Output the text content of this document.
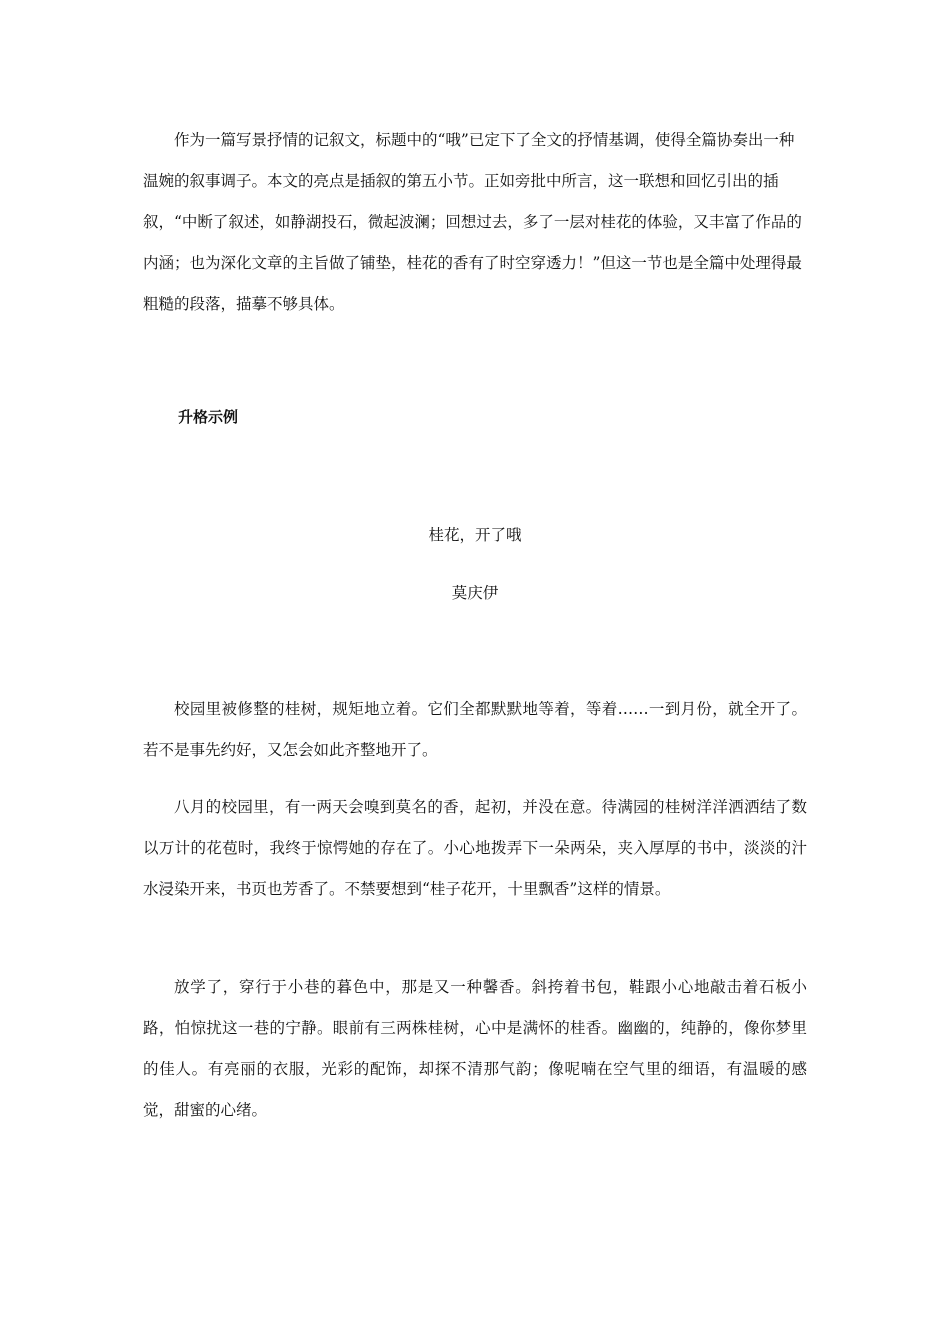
作为一篇写景抒情的记叙文，标题中的“哦”已定下了全文的抒情基调，使得全篇协奏出一种温婉的叙事调子。本文的亮点是插叙的第五小节。正如旁批中所言，这一联想和回忆引出的插叙，“中断了叙述，如静湖投石，微起波澜；回想过去，多了一层对桂花的体验，又丰富了作品的内涵；也为深化文章的主旨做了铺垫，桂花的香有了时空穿透力！”但这一节也是全篇中处理得最粗糙的段落，描摹不够具体。

升格示例

桂花，开了哦

莫庆伊

校园里被修整的桂树，规矩地立着。它们全都默默地等着，等着……一到月份，就全开了。若不是事先约好，又怎会如此齐整地开了。

八月的校园里，有一两天会嗅到莫名的香，起初，并没在意。待满园的桂树洋洋洒洒结了数以万计的花苞时，我终于惊愕她的存在了。小心地拨弄下一朵两朵，夹入厚厚的书中，淡淡的汁水浸染开来，书页也芳香了。不禁要想到“桂子花开，十里飘香”这样的情景。

放学了，穿行于小巷的暮色中，那是又一种馨香。斜挎着书包，鞋跟小心地敲击着石板小路，怕惊扰这一巷的宁静。眼前有三两株桂树，心中是满怀的桂香。幽幽的，纯静的，像你梦里的佳人。有亮丽的衣服，光彩的配饰，却探不清那气韵；像呢喃在空气里的细语，有温暖的感觉，甜蜜的心绪。
